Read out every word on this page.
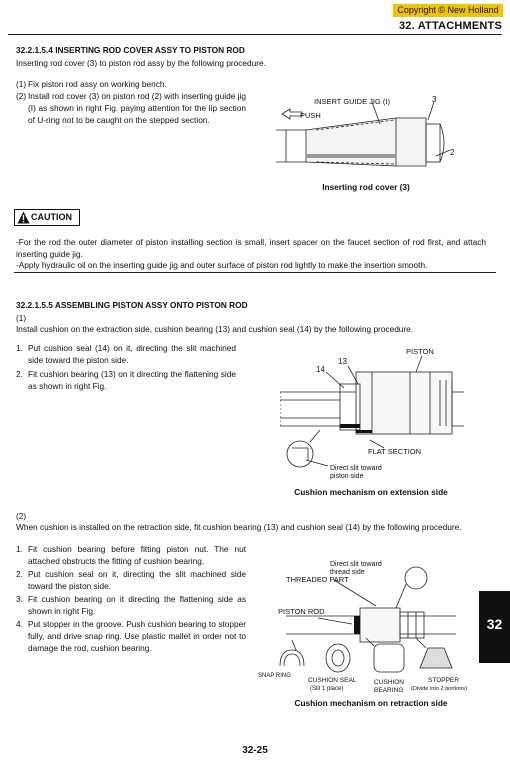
Copyright © New Holland
32. ATTACHMENTS
32.2.1.5.4 INSERTING ROD COVER ASSY TO PISTON ROD
Inserting rod cover (3) to piston rod assy by the following procedure.
(1) Fix piston rod assy on working bench.
(2) Install rod cover (3) on piston rod (2) with inserting guide jig (I) as shown in right Fig. paying attention for the lip section of U-ring not to be caught on the stepped section.
INSERT GUIDE JIG (I)	3
PUSH
2
Inserting rod cover (3)
CAUTION
-For the rod the outer diameter of piston installing section is small, insert spacer on the faucet section of rod first, and attach inserting guide jig.
-Apply hydraulic oil on the inserting guide jig and outer surface of piston rod lightly to make the insertion smooth.
32.2.1.5.5 ASSEMBLING PISTON ASSY ONTO PISTON ROD
(1)
Install cushion on the extraction side, cushion bearing (13) and cushion seal (14) by the following procedure.
1. Put cushion seal (14) on it, directing the slit machined side toward the piston side.
2. Fit cushion bearing (13) on it directing the flattening side as shown in right Fig.
PISTON
13
14
FLAT SECTION
Direct slit toward
piston side
Cushion mechanism on extension side
(2)
When cushion is installed on the retraction side, fit cushion bearing (13) and cushion seal (14) by the following procedure.
1. Fit cushion bearing before fitting piston nut. The nut attached obstructs the fitting of cushion bearing.
2. Put cushion seal on it, directing the slit machined side toward the piston side.
3. Fit cushion bearing on it directing the flattening side as shown in right Fig.
4. Put stopper in the groove. Push cushion bearing to stopper fully, and drive snap ring. Use plastic mallet in order not to damage the rod, cushion bearing.
Direct slit toward
thread side
THREADED PART
PISTON ROD
SNAP RING
CUSHION SEAL
(Slit 1 place)
CUSHION
BEARING
STOPPER
(Divide into 2 portions)
Cushion mechanism on retraction side
32
32-25
